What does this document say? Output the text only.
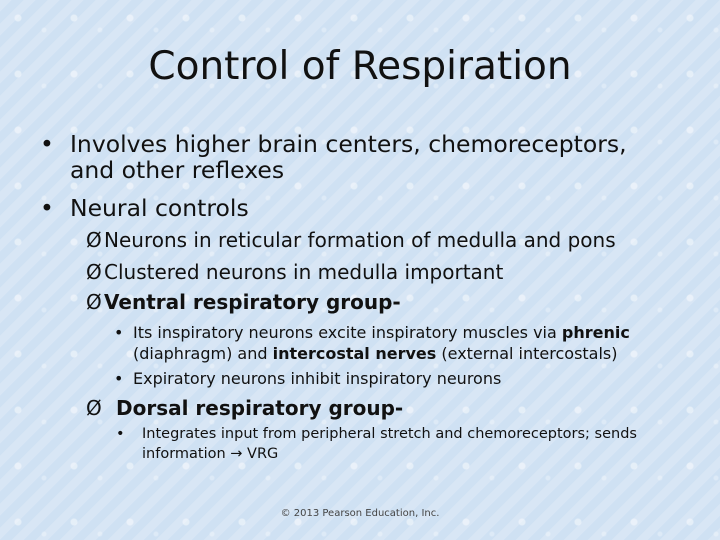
Control of Respiration
• Involves higher brain centers, chemoreceptors,
and other reflexes
• Neural controls
Ø Neurons in reticular formation of medulla and pons
Ø Clustered neurons in medulla important
Ø Ventral respiratory group-
• Its inspiratory neurons excite inspiratory muscles via phrenic
(diaphragm) and intercostal nerves (external intercostals)
• Expiratory neurons inhibit inspiratory neurons
Ø Dorsal respiratory group-
•	Integrates input from peripheral stretch and chemoreceptors; sends
information → VRG
© 2013 Pearson Education, Inc.
